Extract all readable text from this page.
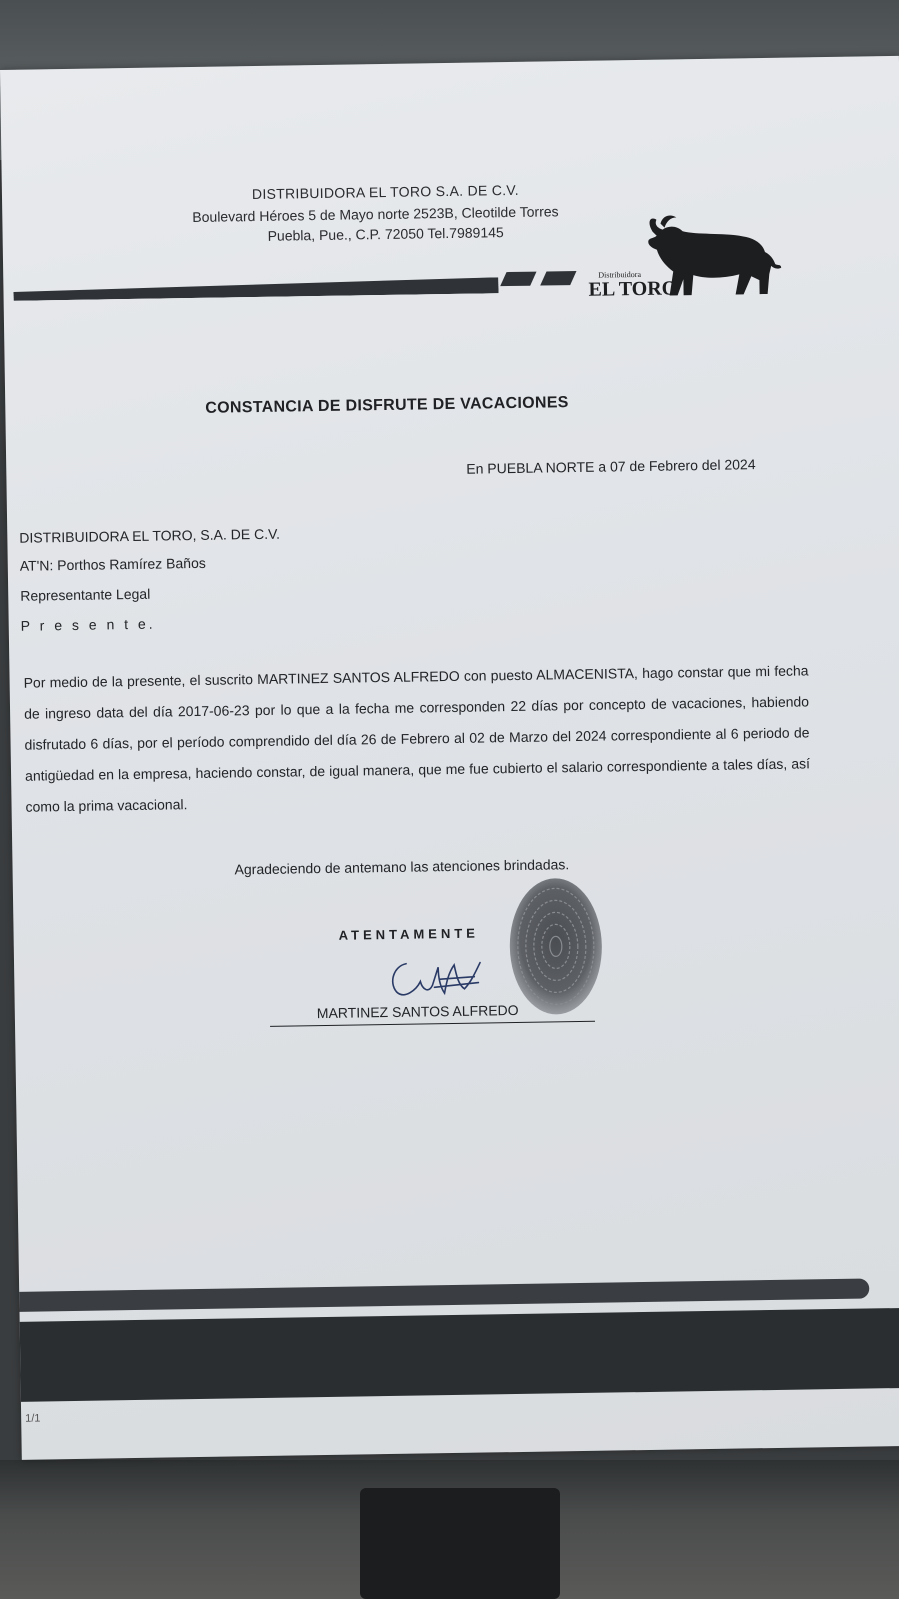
DISTRIBUIDORA EL TORO S.A. DE C.V.
Boulevard Héroes 5 de Mayo norte 2523B, Cleotilde Torres
Puebla, Pue., C.P. 72050 Tel.7989145
Distribuidora
EL TORO
CONSTANCIA DE DISFRUTE DE VACACIONES
En PUEBLA NORTE a 07 de Febrero del 2024
DISTRIBUIDORA EL TORO, S.A. DE C.V.
AT'N: Porthos Ramírez Baños
Representante Legal
P r e s e n t e.
Por medio de la presente, el suscrito MARTINEZ SANTOS ALFREDO con puesto ALMACENISTA, hago constar que mi fecha de ingreso data del día 2017-06-23 por lo que a la fecha me corresponden 22 días por concepto de vacaciones, habiendo disfrutado 6 días, por el período comprendido del día 26 de Febrero al 02 de Marzo del 2024 correspondiente al 6 periodo de antigüedad en la empresa, haciendo constar, de igual manera, que me fue cubierto el salario correspondiente a tales días, así como la prima vacacional.
Agradeciendo de antemano las atenciones brindadas.
ATENTAMENTE
MARTINEZ SANTOS ALFREDO
1/1
